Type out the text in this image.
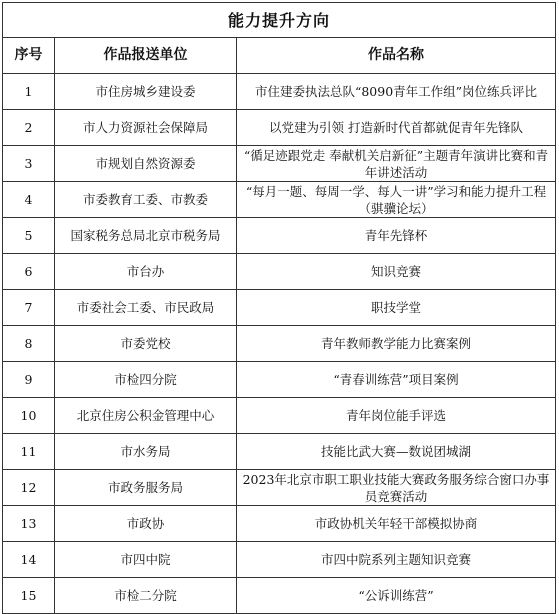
能力提升方向		
序号	作品报送单位	作品名称
1	市住房城乡建设委	市住建委执法总队“8090青年工作组”岗位练兵评比
2	市人力资源社会保障局	以党建为引领 打造新时代首都就促青年先锋队
3	市规划自然资源委	“循足迹跟党走 奉献机关启新征”主题青年演讲比赛和青年讲述活动
4	市委教育工委、市教委	“每月一题、每周一学、每人一讲”学习和能力提升工程（骐骥论坛）
5	国家税务总局北京市税务局	青年先锋杯
6	市台办	知识竞赛
7	市委社会工委、市民政局	职技学堂
8	市委党校	青年教师教学能力比赛案例
9	市检四分院	“青春训练营”项目案例
10	北京住房公积金管理中心	青年岗位能手评选
11	市水务局	技能比武大赛—数说团城湖
12	市政务服务局	2023年北京市职工职业技能大赛政务服务综合窗口办事员竞赛活动
13	市政协	市政协机关年轻干部模拟协商
14	市四中院	市四中院系列主题知识竞赛
15	市检二分院	“公诉训练营”
